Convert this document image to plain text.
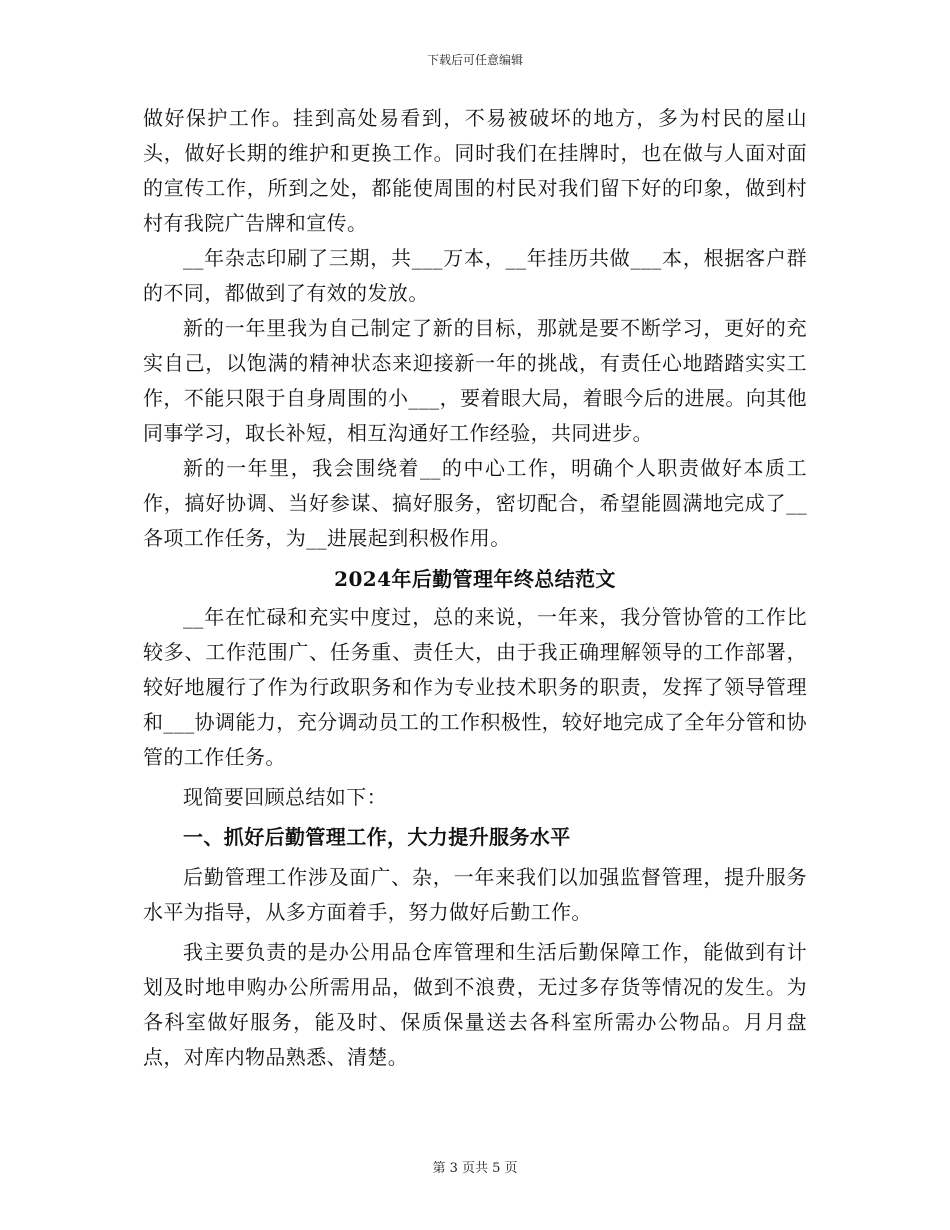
下载后可任意编辑

做好保护工作。挂到高处易看到，不易被破坏的地方，多为村民的屋山头，做好长期的维护和更换工作。同时我们在挂牌时，也在做与人面对面的宣传工作，所到之处，都能使周围的村民对我们留下好的印象，做到村村有我院广告牌和宣传。

__年杂志印刷了三期，共___万本，__年挂历共做___本，根据客户群的不同，都做到了有效的发放。

新的一年里我为自己制定了新的目标，那就是要不断学习，更好的充实自己，以饱满的精神状态来迎接新一年的挑战，有责任心地踏踏实实工作，不能只限于自身周围的小___，要着眼大局，着眼今后的进展。向其他同事学习，取长补短，相互沟通好工作经验，共同进步。

新的一年里，我会围绕着__的中心工作，明确个人职责做好本质工作，搞好协调、当好参谋、搞好服务，密切配合，希望能圆满地完成了__各项工作任务，为__进展起到积极作用。

2024年后勤管理年终总结范文

__年在忙碌和充实中度过，总的来说，一年来，我分管协管的工作比较多、工作范围广、任务重、责任大，由于我正确理解领导的工作部署，较好地履行了作为行政职务和作为专业技术职务的职责，发挥了领导管理和___协调能力，充分调动员工的工作积极性，较好地完成了全年分管和协管的工作任务。

现简要回顾总结如下：

一、抓好后勤管理工作，大力提升服务水平

后勤管理工作涉及面广、杂，一年来我们以加强监督管理，提升服务水平为指导，从多方面着手，努力做好后勤工作。

我主要负责的是办公用品仓库管理和生活后勤保障工作，能做到有计划及时地申购办公所需用品，做到不浪费，无过多存货等情况的发生。为各科室做好服务，能及时、保质保量送去各科室所需办公物品。月月盘点，对库内物品熟悉、清楚。

第 3 页共 5 页
